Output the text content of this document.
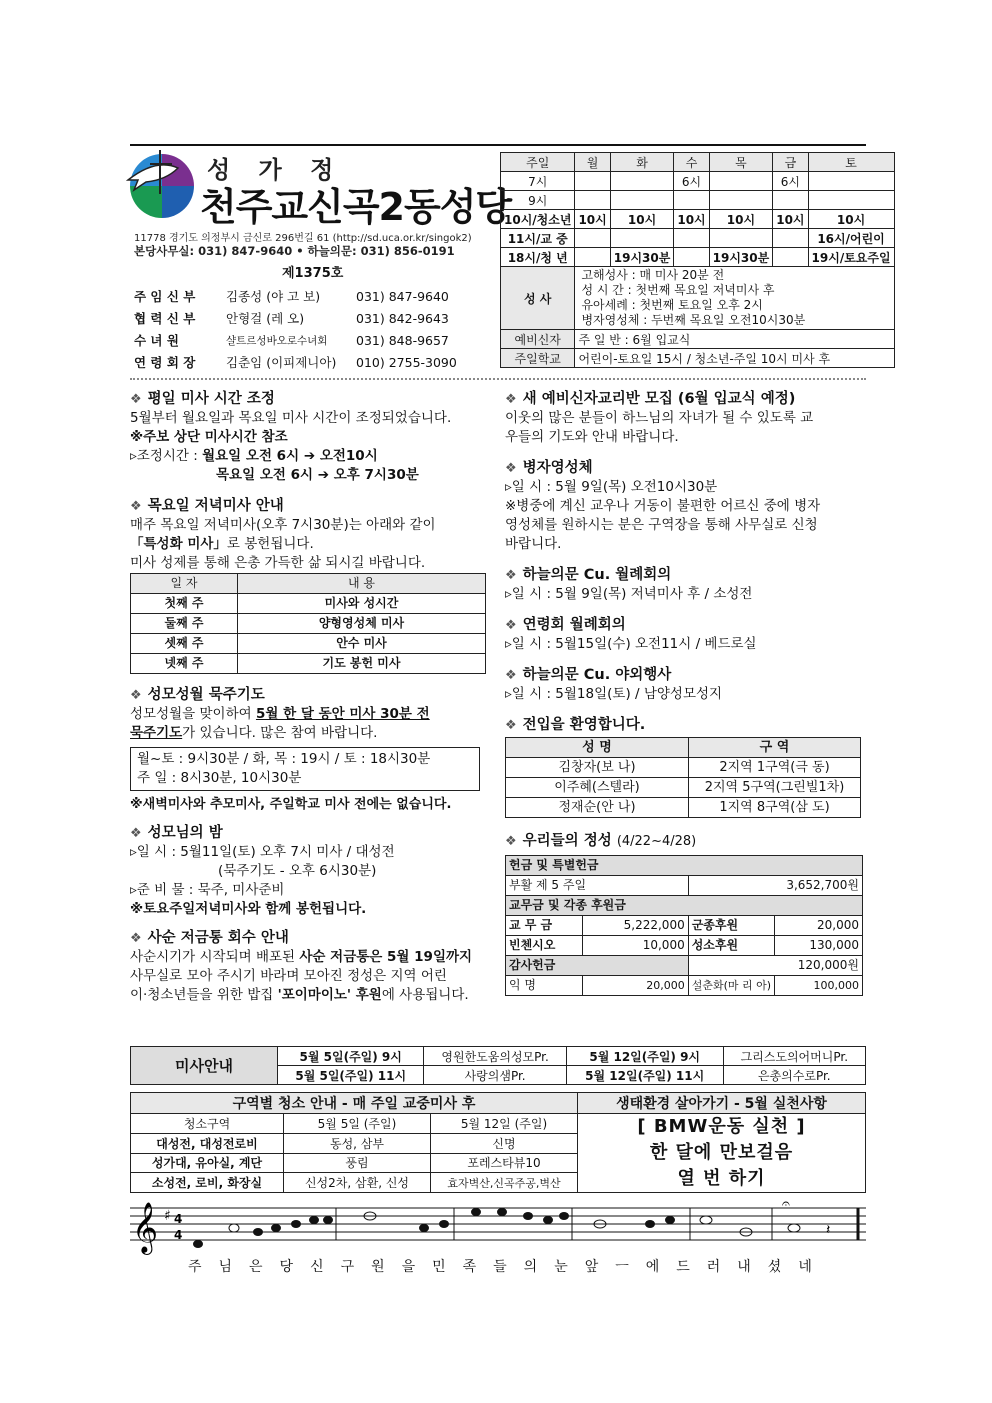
성 가 정
천주교신곡2동성당
11778 경기도 의정부시 금신로 296번길 61 (http://sd.uca.or.kr/singok2)
본당사무실: 031) 847-9640 • 하늘의문: 031) 856-0191
제1375호
주 임 신 부	김종성 (야 고 보)	031) 847-9640
협 력 신 부	안형걸 (레 오)	031) 842-9643
수 녀 원	샬트르성바오로수녀회	031) 848-9657
연 령 회 장	김춘임 (이피제니아)	010) 2755-3090
주일	월	화	수	목	금	토
7시			6시		6시	
9시						
10시/청소년	10시	10시	10시	10시	10시	10시
11시/교 중						16시/어린이
18시/청 년		19시30분		19시30분		19시/토요주일
성 사	고해성사 : 매 미사 20분 전
성 시 간 : 첫번째 목요일 저녁미사 후
유아세례 : 첫번째 토요일 오후 2시
병자영성체 : 두번째 목요일 오전10시30분					

예비신자	주 일 반 : 6월 입교식					
주일학교	어린이-토요일 15시 / 청소년-주일 10시 미사 후					
❖ 평일 미사 시간 조정

5월부터 월요일과 목요일 미사 시간이 조정되었습니다.

※주보 상단 미사시간 참조

▹조정시간 : 월요일 오전 6시 ➔ 오전10시

목요일 오전 6시 ➔ 오후 7시30분

❖ 목요일 저녁미사 안내

매주 목요일 저녁미사(오후 7시30분)는 아래와 같이

「특성화 미사」로 봉헌됩니다.

미사 성제를 통해 은총 가득한 삶 되시길 바랍니다.

일 자	내 용
첫째 주	미사와 성시간
둘째 주	양형영성체 미사
셋째 주	안수 미사
넷째 주	기도 봉헌 미사
❖ 성모성월 묵주기도

성모성월을 맞이하여 5월 한 달 동안 미사 30분 전

묵주기도가 있습니다. 많은 참여 바랍니다.

월~토 : 9시30분 / 화, 목 : 19시 / 토 : 18시30분
주 일 : 8시30분, 10시30분

※새벽미사와 추모미사, 주일학교 미사 전에는 없습니다.

❖ 성모님의 밤

▹일 시 : 5월11일(토) 오후 7시 미사 / 대성전

(묵주기도 - 오후 6시30분)

▹준 비 물 : 묵주, 미사준비

※토요주일저녁미사와 함께 봉헌됩니다.

❖ 사순 저금통 회수 안내

사순시기가 시작되며 배포된 사순 저금통은 5월 19일까지

사무실로 모아 주시기 바라며 모아진 정성은 지역 어린

이·청소년들을 위한 밥집 '포이마이노' 후원에 사용됩니다.

❖ 새 예비신자교리반 모집 (6월 입교식 예정)

이웃의 많은 분들이 하느님의 자녀가 될 수 있도록 교

우들의 기도와 안내 바랍니다.

❖ 병자영성체

▹일 시 : 5월 9일(목) 오전10시30분

※병중에 계신 교우나 거동이 불편한 어르신 중에 병자

영성체를 원하시는 분은 구역장을 통해 사무실로 신청

바랍니다.

❖ 하늘의문 Cu. 월례회의

▹일 시 : 5월 9일(목) 저녁미사 후 / 소성전

❖ 연령회 월례회의

▹일 시 : 5월15일(수) 오전11시 / 베드로실

❖ 하늘의문 Cu. 야외행사

▹일 시 : 5월18일(토) / 남양성모성지

❖ 전입을 환영합니다.
성 명	구 역
김창자(보 나)	2지역 1구역(극 동)
이주혜(스텔라)	2지역 5구역(그린빌1차)
정재순(안 나)	1지역 8구역(삼 도)
❖ 우리들의 정성
(4/22~4/28)
헌금 및 특별헌금			
부활 제 5 주일		3,652,700원	
교무금 및 각종 후원금			
교 무 금	5,222,000	군종후원	20,000
빈첸시오	10,000	성소후원	130,000
감사헌금		120,000원	
익 명	20,000	설춘화(마 리 아)	100,000
미사안내	5월 5일(주일) 9시	영원한도움의성모Pr.	5월 12일(주일) 9시	그리스도의어머니Pr.
	5월 5일(주일) 11시	사랑의샘Pr.	5월 12일(주일) 11시	은총의수로Pr.
구역별 청소 안내 - 매 주일 교중미사 후			생태환경 살아가기 - 5월 실천사항
청소구역	5월 5일 (주일)	5월 12일 (주일)	[ BMW운동 실천 ]
한 달에 만보걸음
열 번 하기

대성전, 대성전로비	동성, 삼부	신명	
성가대, 유아실, 계단	풍림	포레스타뷰10	
소성전, 로비, 화장실	신성2차, 삼환, 신성	효자벽산,신곡주공,벽산	
𝄞 ♯ 4
4	𝄽
𝄐
주 님 은 당 신 구 원 을 민 족 들 의 눈 앞 ㅡ 에 드 러 내 셨 네
